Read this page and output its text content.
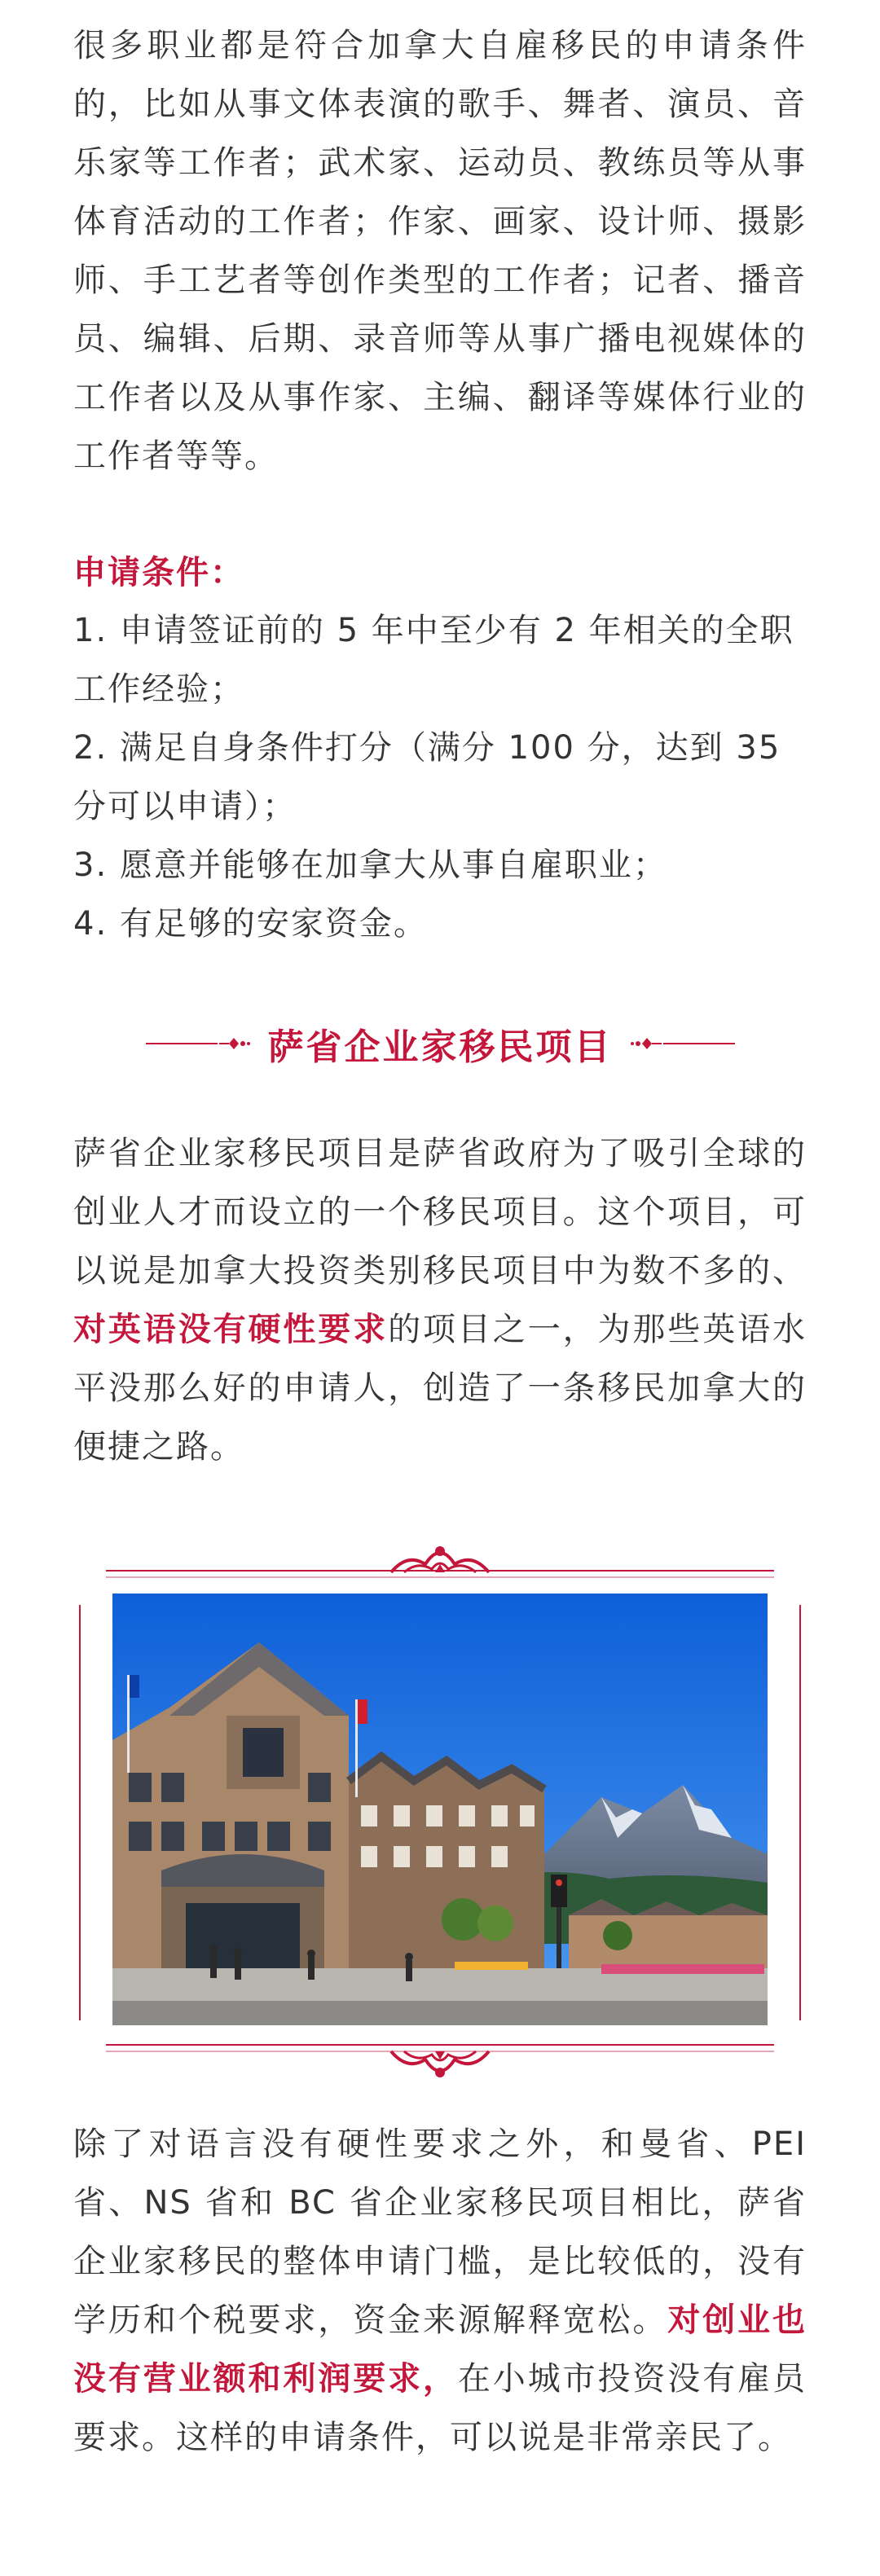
很多职业都是符合加拿大自雇移民的申请条件的，比如从事文体表演的歌手、舞者、演员、音乐家等工作者；武术家、运动员、教练员等从事体育活动的工作者；作家、画家、设计师、摄影师、手工艺者等创作类型的工作者；记者、播音员、编辑、后期、录音师等从事广播电视媒体的工作者以及从事作家、主编、翻译等媒体行业的工作者等等。

申请条件：

1. 申请签证前的 5 年中至少有 2 年相关的全职工作经验；

2. 满足自身条件打分（满分 100 分，达到 35 分可以申请）；

3. 愿意并能够在加拿大从事自雇职业；

4. 有足够的安家资金。

萨省企业家移民项目

萨省企业家移民项目是萨省政府为了吸引全球的创业人才而设立的一个移民项目。这个项目，可以说是加拿大投资类别移民项目中为数不多的、对英语没有硬性要求的项目之一，为那些英语水平没那么好的申请人，创造了一条移民加拿大的便捷之路。

除了对语言没有硬性要求之外，和曼省、PEI 省、NS 省和 BC 省企业家移民项目相比，萨省企业家移民的整体申请门槛，是比较低的，没有学历和个税要求，资金来源解释宽松。对创业也没有营业额和利润要求，在小城市投资没有雇员要求。这样的申请条件，可以说是非常亲民了。
